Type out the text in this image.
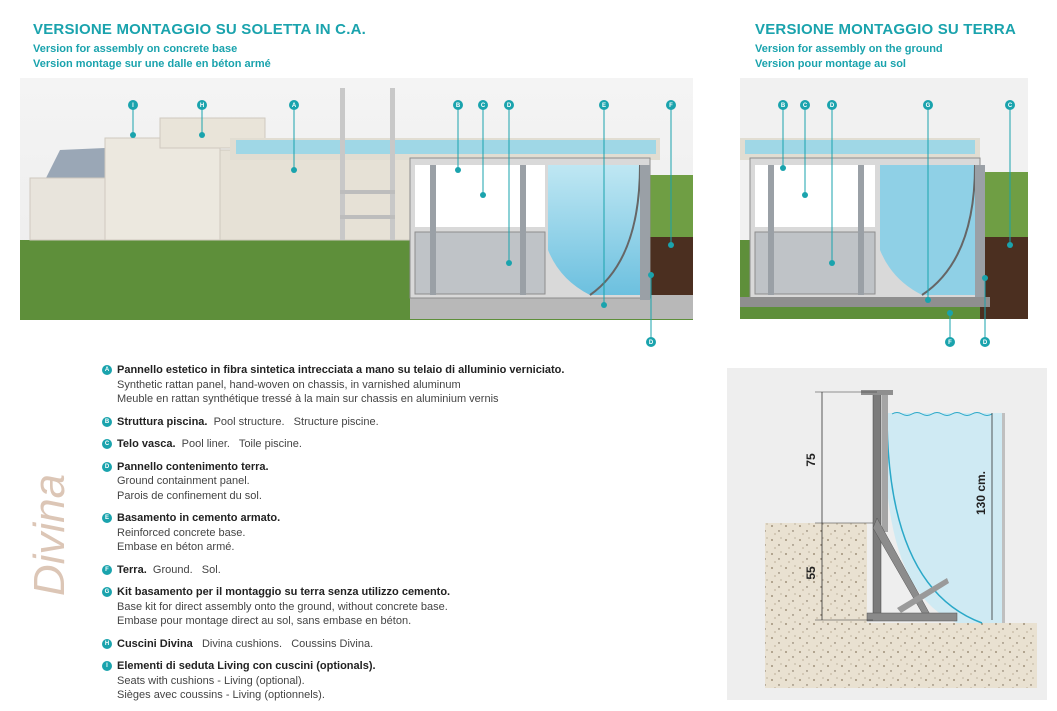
VERSIONE MONTAGGIO SU SOLETTA IN C.A.

Version for assembly on concrete base

Version montage sur une dalle en béton armé

VERSIONE MONTAGGIO SU TERRA

Version for assembly on the ground

Version pour montage au sol

I	H	A	B	C	D	E	F
D
B	C	D	G	C
F	D
Divina
A Pannello estetico in fibra sintetica intrecciata a mano su telaio di alluminio verniciato.
Synthetic rattan panel, hand-woven on chassis, in varnished aluminum
Meuble en rattan synthétique tressé à la main sur chassis en aluminium vernis
B Struttura piscina. Pool structure.   Structure piscine.
C Telo vasca. Pool liner.   Toile piscine.
D Pannello contenimento terra.
Ground containment panel.
Parois de confinement du sol.
E Basamento in cemento armato.
Reinforced concrete base.
Embase en béton armé.
F Terra. Ground.   Sol.
G Kit basamento per il montaggio su terra senza utilizzo cemento.
Base kit for direct assembly onto the ground, without concrete base.
Embase pour montage direct au sol, sans embase en béton.
H Cuscini Divina Divina cushions.   Coussins Divina.
I Elementi di seduta Living con cuscini (optionals).
Seats with cushions - Living (optional).
Sièges avec coussins - Living (optionnels).
75
55
130 cm.
